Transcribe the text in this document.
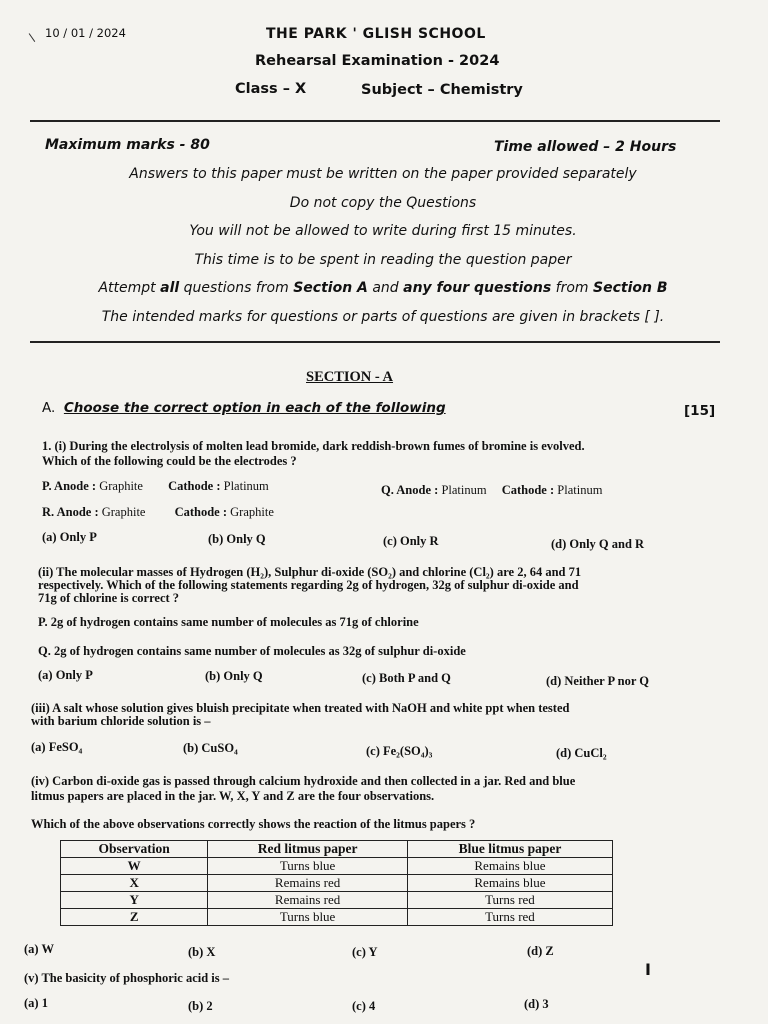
10 / 01 / 2024	THE PARK ' GLISH SCHOOL
Rehearsal Examination - 2024
Class – X	Subject – Chemistry
Maximum marks - 80	Time allowed – 2 Hours
Answers to this paper must be written on the paper provided separately
Do not copy the Questions
You will not be allowed to write during first 15 minutes.
This time is to be spent in reading the question paper
Attempt all questions from Section A and any four questions from Section B
The intended marks for questions or parts of questions are given in brackets [ ].
SECTION - A
A. Choose the correct option in each of the following	[15]
1. (i) During the electrolysis of molten lead bromide, dark reddish-brown fumes of bromine is evolved.
Which of the following could be the electrodes ?
P. Anode : Graphite Cathode : Platinum	Q. Anode : Platinum Cathode : Platinum
R. Anode : Graphite Cathode : Graphite
(a) Only P	(b) Only Q	(c) Only R	(d) Only Q and R
(ii) The molecular masses of Hydrogen (H₂), Sulphur di-oxide (SO₂) and chlorine (Cl₂) are 2, 64 and 71
respectively. Which of the following statements regarding 2g of hydrogen, 32g of sulphur di-oxide and
71g of chlorine is correct ?
P. 2g of hydrogen contains same number of molecules as 71g of chlorine
Q. 2g of hydrogen contains same number of molecules as 32g of sulphur di-oxide
(a) Only P	(b) Only Q	(c) Both P and Q	(d) Neither P nor Q
(iii) A salt whose solution gives bluish precipitate when treated with NaOH and white ppt when tested
with barium chloride solution is –
(a) FeSO₄	(b) CuSO₄	(c) Fe₂(SO₄)₃	(d) CuCl₂
(iv) Carbon di-oxide gas is passed through calcium hydroxide and then collected in a jar. Red and blue
litmus papers are placed in the jar. W, X, Y and Z are the four observations.
Which of the above observations correctly shows the reaction of the litmus papers ?
Observation	Red litmus paper	Blue litmus paper
W	Turns blue	Remains blue
X	Remains red	Remains blue
Y	Remains red	Turns red
Z	Turns blue	Turns red
(a) W	(b) X	(c) Y	(d) Z
(v) The basicity of phosphoric acid is –	I
(a) 1	(b) 2	(c) 4	(d) 3
